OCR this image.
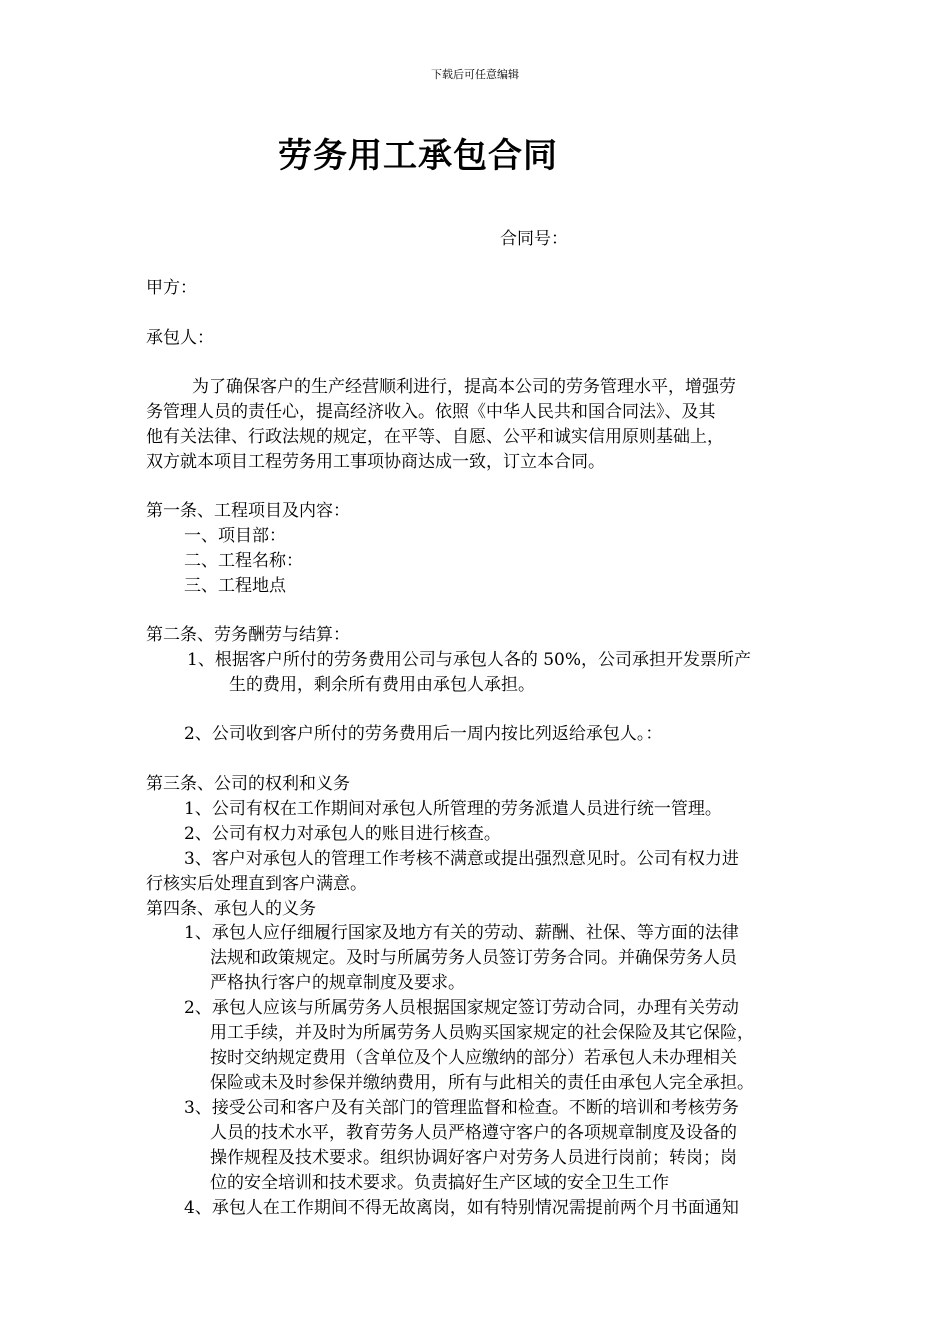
下载后可任意编辑
劳务用工承包合同
合同号：
甲方：
承包人：
为了确保客户的生产经营顺利进行，提高本公司的劳务管理水平，增强劳
务管理人员的责任心，提高经济收入。依照《中华人民共和国合同法》、及其
他有关法律、行政法规的规定，在平等、自愿、公平和诚实信用原则基础上，
双方就本项目工程劳务用工事项协商达成一致，订立本合同。
第一条、工程项目及内容：
一、项目部：
二、工程名称：
三、工程地点
第二条、劳务酬劳与结算：
1、根据客户所付的劳务费用公司与承包人各的 50%，公司承担开发票所产
生的费用，剩余所有费用由承包人承担。
2、公司收到客户所付的劳务费用后一周内按比列返给承包人。：
第三条、公司的权利和义务
1、公司有权在工作期间对承包人所管理的劳务派遣人员进行统一管理。
2、公司有权力对承包人的账目进行核查。
3、客户对承包人的管理工作考核不满意或提出强烈意见时。公司有权力进
行核实后处理直到客户满意。
第四条、承包人的义务
1、承包人应仔细履行国家及地方有关的劳动、薪酬、社保、等方面的法律
法规和政策规定。及时与所属劳务人员签订劳务合同。并确保劳务人员
严格执行客户的规章制度及要求。
2、承包人应该与所属劳务人员根据国家规定签订劳动合同，办理有关劳动
用工手续，并及时为所属劳务人员购买国家规定的社会保险及其它保险，
按时交纳规定费用（含单位及个人应缴纳的部分）若承包人未办理相关
保险或未及时参保并缴纳费用，所有与此相关的责任由承包人完全承担。
3、接受公司和客户及有关部门的管理监督和检查。不断的培训和考核劳务
人员的技术水平，教育劳务人员严格遵守客户的各项规章制度及设备的
操作规程及技术要求。组织协调好客户对劳务人员进行岗前；转岗；岗
位的安全培训和技术要求。负责搞好生产区域的安全卫生工作
4、承包人在工作期间不得无故离岗，如有特别情况需提前两个月书面通知
